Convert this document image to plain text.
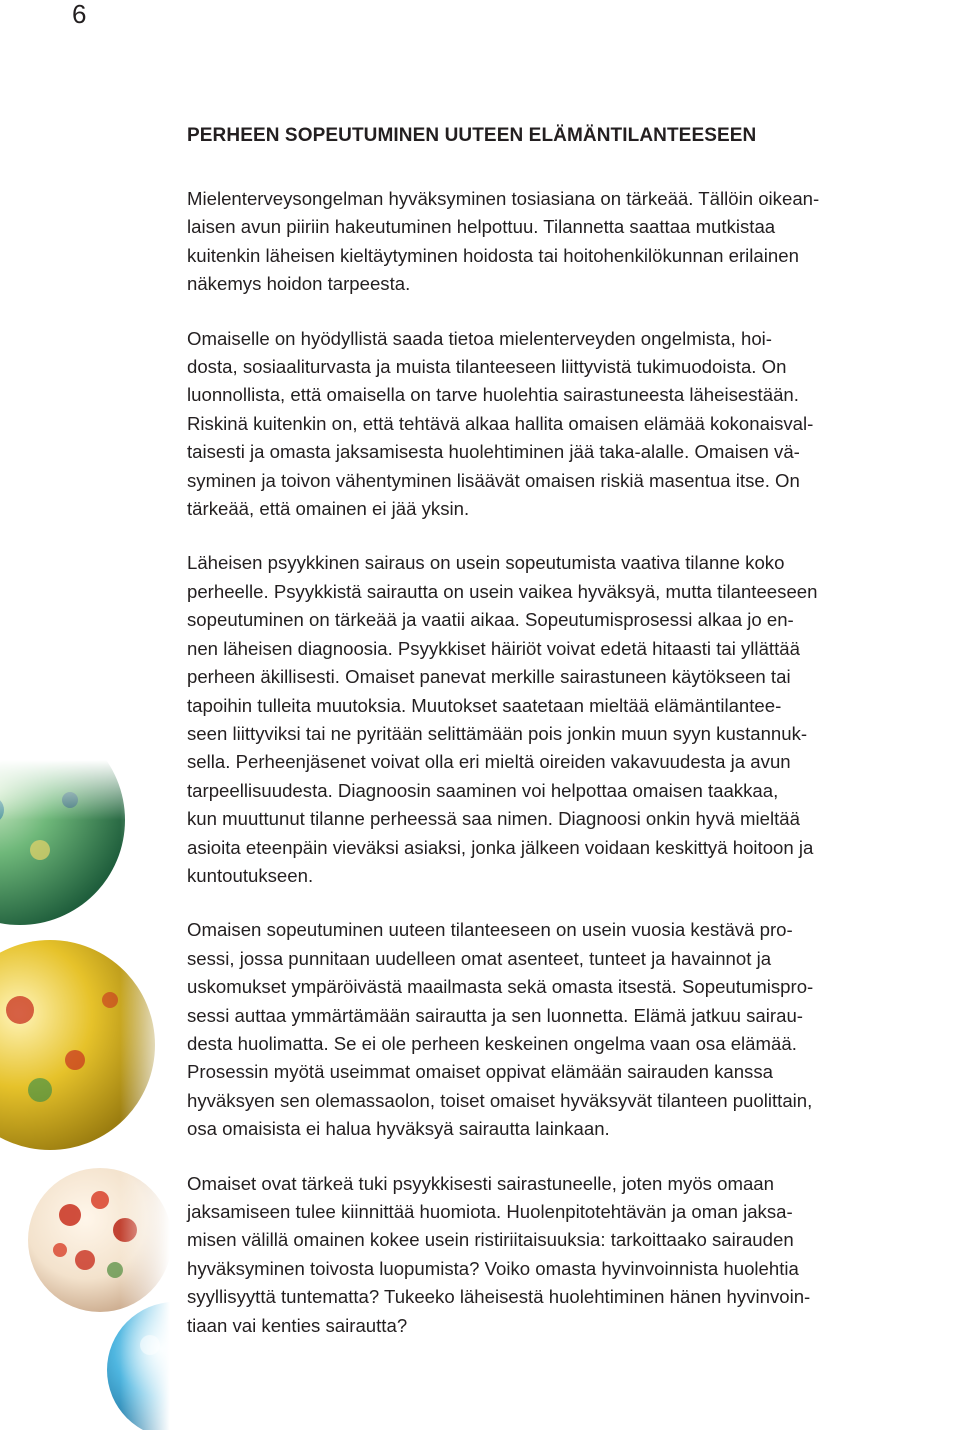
6
PERHEEN SOPEUTUMINEN UUTEEN ELÄMÄNTILANTEESEEN

Mielenterveysongelman hyväksyminen tosiasiana on tärkeää. Tällöin oikean-
laisen avun piiriin hakeutuminen helpottuu. Tilannetta saattaa mutkistaa
kuitenkin läheisen kieltäytyminen hoidosta tai hoitohenkilökunnan erilainen
näkemys hoidon tarpeesta.

Omaiselle on hyödyllistä saada tietoa mielenterveyden ongelmista, hoi-
dosta, sosiaaliturvasta ja muista tilanteeseen liittyvistä tukimuodoista. On
luonnollista, että omaisella on tarve huolehtia sairastuneesta läheisestään.
Riskinä kuitenkin on, että tehtävä alkaa hallita omaisen elämää kokonaisval-
taisesti ja omasta jaksamisesta huolehtiminen jää taka-alalle. Omaisen vä-
syminen ja toivon vähentyminen lisäävät omaisen riskiä masentua itse. On
tärkeää, että omainen ei jää yksin.

Läheisen psyykkinen sairaus on usein sopeutumista vaativa tilanne koko
perheelle. Psyykkistä sairautta on usein vaikea hyväksyä, mutta tilanteeseen
sopeutuminen on tärkeää ja vaatii aikaa. Sopeutumisprosessi alkaa jo en-
nen läheisen diagnoosia. Psyykkiset häiriöt voivat edetä hitaasti tai yllättää
perheen äkillisesti. Omaiset panevat merkille sairastuneen käytökseen tai
tapoihin tulleita muutoksia. Muutokset saatetaan mieltää elämäntilantee-
seen liittyviksi tai ne pyritään selittämään pois jonkin muun syyn kustannuk-
sella. Perheenjäsenet voivat olla eri mieltä oireiden vakavuudesta ja avun
tarpeellisuudesta. Diagnoosin saaminen voi helpottaa omaisen taakkaa,
kun muuttunut tilanne perheessä saa nimen. Diagnoosi onkin hyvä mieltää
asioita eteenpäin vieväksi asiaksi, jonka jälkeen voidaan keskittyä hoitoon ja
kuntoutukseen.

Omaisen sopeutuminen uuteen tilanteeseen on usein vuosia kestävä pro-
sessi, jossa punnitaan uudelleen omat asenteet, tunteet ja havainnot ja
uskomukset ympäröivästä maailmasta sekä omasta itsestä. Sopeutumispro-
sessi auttaa ymmärtämään sairautta ja sen luonnetta. Elämä jatkuu sairau-
desta huolimatta. Se ei ole perheen keskeinen ongelma vaan osa elämää.
Prosessin myötä useimmat omaiset oppivat elämään sairauden kanssa
hyväksyen sen olemassaolon, toiset omaiset hyväksyvät tilanteen puolittain,
osa omaisista ei halua hyväksyä sairautta lainkaan.

Omaiset ovat tärkeä tuki psyykkisesti sairastuneelle, joten myös omaan
jaksamiseen tulee kiinnittää huomiota. Huolenpitotehtävän ja oman jaksa-
misen välillä omainen kokee usein ristiriitaisuuksia: tarkoittaako sairauden
hyväksyminen toivosta luopumista? Voiko omasta hyvinvoinnista huolehtia
syyllisyyttä tuntematta? Tukeeko läheisestä huolehtiminen hänen hyvinvoin-
tiaan vai kenties sairautta?
